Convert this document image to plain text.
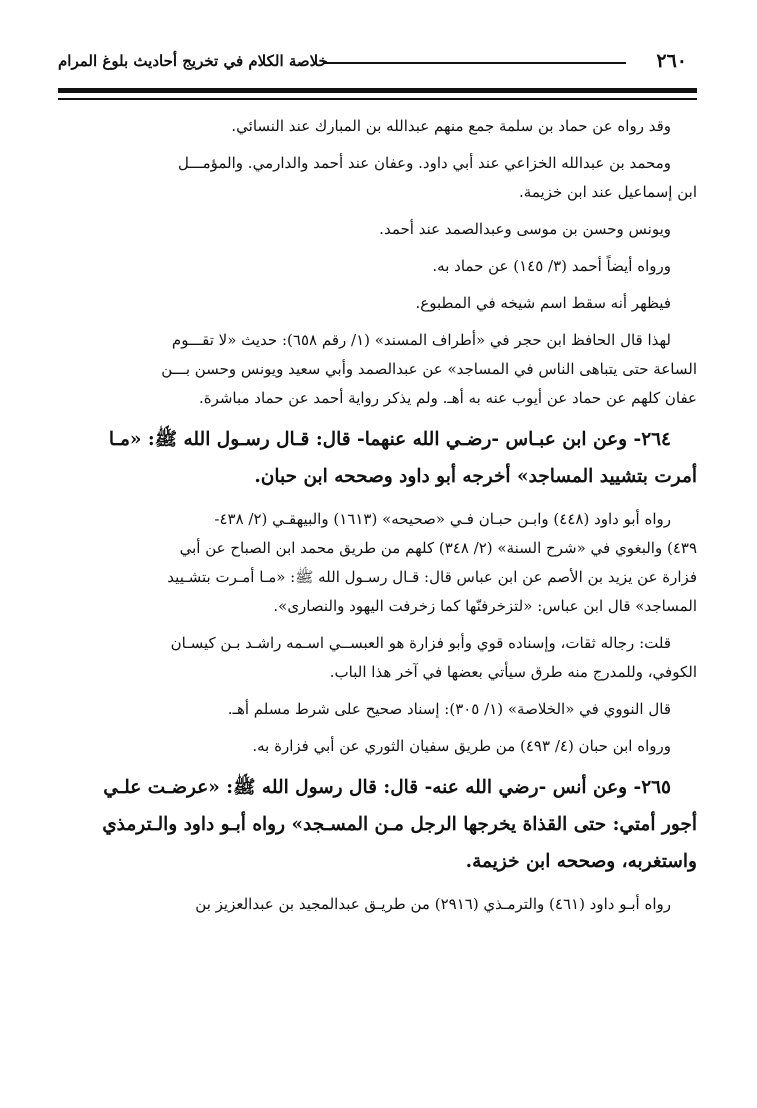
٢٦٠
خلاصة الكلام في تخريج أحاديث بلوغ المرام
وقد رواه عن حماد بن سلمة جمع منهم عبدالله بن المبارك عند النسائي.
ومحمد بن عبدالله الخزاعي عند أبي داود. وعفان عند أحمد والدارمي. والمؤمـــل
ابن إسماعيل عند ابن خزيمة.
ويونس وحسن بن موسى وعبدالصمد عند أحمد.
ورواه أيضاً أحمد (٣/ ١٤٥) عن حماد به.
فيظهر أنه سقط اسم شيخه في المطبوع.
لهذا قال الحافظ ابن حجر في «أطراف المسند» (١/ رقم ٦٥٨): حديث «لا تقـــوم
الساعة حتى يتباهى الناس في المساجد» عن عبدالصمد وأبي سعيد ويونس وحسن بـــن
عفان كلهم عن حماد عن أيوب عنه به أهـ. ولم يذكر رواية أحمد عن حماد مباشرة.
٢٦٤- وعن ابن عبـاس -رضـي الله عنهما- قال: قـال رسـول الله ﷺ: «مـا
أمرت بتشييد المساجد» أخرجه أبو داود وصححه ابن حبان.
رواه أبو داود (٤٤٨) وابـن حبـان فـي «صحيحه» (١٦١٣) والبيهقـي (٢/ ٤٣٨-
٤٣٩) والبغوي في «شرح السنة» (٢/ ٣٤٨) كلهم من طريق محمد ابن الصباح عن أبي
فزارة عن يزيد بن الأصم عن ابن عباس قال: قـال رسـول الله ﷺ: «مـا أمـرت بتشـييد
المساجد» قال ابن عباس: «لتزخرفنّها كما زخرفت اليهود والنصارى».
قلت: رجاله ثقات، وإسناده قوي وأبو فزارة هو العبســي اسـمه راشـد بـن كيسـان
الكوفي، وللمدرج منه طرق سيأتي بعضها في آخر هذا الباب.
قال النووي في «الخلاصة» (١/ ٣٠٥): إسناد صحيح على شرط مسلم أهـ.
ورواه ابن حبان (٤/ ٤٩٣) من طريق سفيان الثوري عن أبي فزارة به.
٢٦٥- وعن أنس -رضي الله عنه- قال: قال رسول الله ﷺ: «عرضـت علـي
أجور أمتي: حتى القذاة يخرجها الرجل مـن المسـجد» رواه أبـو داود والـترمذي
واستغربه، وصححه ابن خزيمة.
رواه أبـو داود (٤٦١) والترمـذي (٢٩١٦) من طريـق عبدالمجيد بن عبدالعزيز بن
